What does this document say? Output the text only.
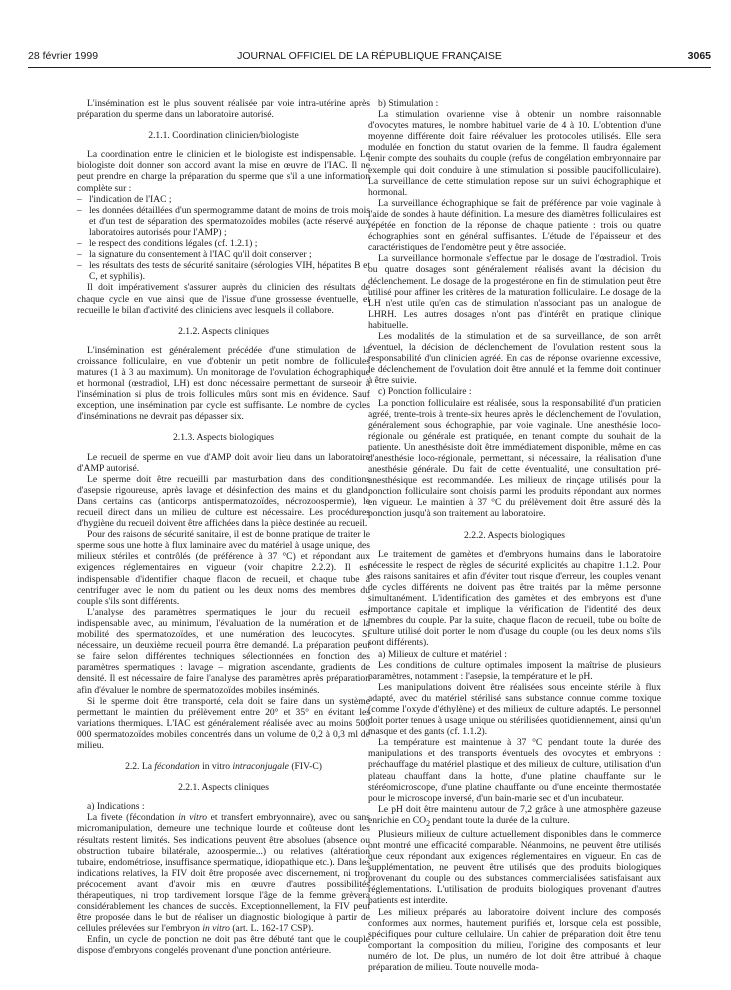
28 février 1999	JOURNAL OFFICIEL DE LA RÉPUBLIQUE FRANÇAISE	3065

L'insémination est le plus souvent réalisée par voie intra-utérine après préparation du sperme dans un laboratoire autorisé.

2.1.1. Coordination clinicien/biologiste

La coordination entre le clinicien et le biologiste est indispensable. Le biologiste doit donner son accord avant la mise en œuvre de l'IAC. Il ne peut prendre en charge la préparation du sperme que s'il a une information complète sur :

– l'indication de l'IAC ;
– les données détaillées d'un spermogramme datant de moins de trois mois et d'un test de séparation des spermatozoïdes mobiles (acte réservé aux laboratoires autorisés pour l'AMP) ;
– le respect des conditions légales (cf. 1.2.1) ;
– la signature du consentement à l'IAC qu'il doit conserver ;
– les résultats des tests de sécurité sanitaire (sérologies VIH, hépatites B et C, et syphilis).

Il doit impérativement s'assurer auprès du clinicien des résultats de chaque cycle en vue ainsi que de l'issue d'une grossesse éventuelle, et recueille le bilan d'activité des cliniciens avec lesquels il collabore.

2.1.2. Aspects cliniques

L'insémination est généralement précédée d'une stimulation de la croissance folliculaire, en vue d'obtenir un petit nombre de follicules matures (1 à 3 au maximum). Un monitorage de l'ovulation échographique et hormonal (œstradiol, LH) est donc nécessaire permettant de surseoir à l'insémination si plus de trois follicules mûrs sont mis en évidence. Sauf exception, une insémination par cycle est suffisante. Le nombre de cycles d'inséminations ne devrait pas dépasser six.

2.1.3. Aspects biologiques

Le recueil de sperme en vue d'AMP doit avoir lieu dans un laboratoire d'AMP autorisé.

Le sperme doit être recueilli par masturbation dans des conditions d'asepsie rigoureuse, après lavage et désinfection des mains et du gland. Dans certains cas (anticorps antispermatozoïdes, nécrozoospermie), le recueil direct dans un milieu de culture est nécessaire. Les procédures d'hygiène du recueil doivent être affichées dans la pièce destinée au recueil.

Pour des raisons de sécurité sanitaire, il est de bonne pratique de traiter le sperme sous une hotte à flux laminaire avec du matériel à usage unique, des milieux stériles et contrôlés (de préférence à 37 °C) et répondant aux exigences réglementaires en vigueur (voir chapitre 2.2.2). Il est indispensable d'identifier chaque flacon de recueil, et chaque tube à centrifuger avec le nom du patient ou les deux noms des membres du couple s'ils sont différents.

L'analyse des paramètres spermatiques le jour du recueil est indispensable avec, au minimum, l'évaluation de la numération et de la mobilité des spermatozoïdes, et une numération des leucocytes. Si nécessaire, un deuxième recueil pourra être demandé. La préparation peut se faire selon différentes techniques sélectionnées en fonction des paramètres spermatiques : lavage – migration ascendante, gradients de densité. Il est nécessaire de faire l'analyse des paramètres après préparation afin d'évaluer le nombre de spermatozoïdes mobiles inséminés.

Si le sperme doit être transporté, cela doit se faire dans un système permettant le maintien du prélèvement entre 20° et 35° en évitant les variations thermiques. L'IAC est généralement réalisée avec au moins 500 000 spermatozoïdes mobiles concentrés dans un volume de 0,2 à 0,3 ml de milieu.

2.2. La fécondation in vitro intraconjugale (FIV-C)

2.2.1. Aspects cliniques

a) Indications :

La fivete (fécondation in vitro et transfert embryonnaire), avec ou sans micromanipulation, demeure une technique lourde et coûteuse dont les résultats restent limités. Ses indications peuvent être absolues (absence ou obstruction tubaire bilatérale, azoospermie...) ou relatives (altération tubaire, endométriose, insuffisance spermatique, idiopathique etc.). Dans les indications relatives, la FIV doit être proposée avec discernement, ni trop précocement avant d'avoir mis en œuvre d'autres possibilités thérapeutiques, ni trop tardivement lorsque l'âge de la femme grèvera considérablement les chances de succès. Exceptionnellement, la FIV peut être proposée dans le but de réaliser un diagnostic biologique à partir de cellules prélevées sur l'embryon in vitro (art. L. 162-17 CSP).

Enfin, un cycle de ponction ne doit pas être débuté tant que le couple dispose d'embryons congelés provenant d'une ponction antérieure.

b) Stimulation :

La stimulation ovarienne vise à obtenir un nombre raisonnable d'ovocytes matures, le nombre habituel varie de 4 à 10. L'obtention d'une moyenne différente doit faire réévaluer les protocoles utilisés. Elle sera modulée en fonction du statut ovarien de la femme. Il faudra également tenir compte des souhaits du couple (refus de congélation embryonnaire par exemple qui doit conduire à une stimulation si possible paucifolliculaire). La surveillance de cette stimulation repose sur un suivi échographique et hormonal.

La surveillance échographique se fait de préférence par voie vaginale à l'aide de sondes à haute définition. La mesure des diamètres folliculaires est répétée en fonction de la réponse de chaque patiente : trois ou quatre échographies sont en général suffisantes. L'étude de l'épaisseur et des caractéristiques de l'endomètre peut y être associée.

La surveillance hormonale s'effectue par le dosage de l'œstradiol. Trois ou quatre dosages sont généralement réalisés avant la décision du déclenchement. Le dosage de la progestérone en fin de stimulation peut être utilisé pour affiner les critères de la maturation folliculaire. Le dosage de la LH n'est utile qu'en cas de stimulation n'associant pas un analogue de LHRH. Les autres dosages n'ont pas d'intérêt en pratique clinique habituelle.

Les modalités de la stimulation et de sa surveillance, de son arrêt éventuel, la décision de déclenchement de l'ovulation restent sous la responsabilité d'un clinicien agréé. En cas de réponse ovarienne excessive, le déclenchement de l'ovulation doit être annulé et la femme doit continuer à être suivie.

c) Ponction folliculaire :

La ponction folliculaire est réalisée, sous la responsabilité d'un praticien agréé, trente-trois à trente-six heures après le déclenchement de l'ovulation, généralement sous échographie, par voie vaginale. Une anesthésie loco-régionale ou générale est pratiquée, en tenant compte du souhait de la patiente. Un anesthésiste doit être immédiatement disponible, même en cas d'anesthésie loco-régionale, permettant, si nécessaire, la réalisation d'une anesthésie générale. Du fait de cette éventualité, une consultation pré-anesthésique est recommandée. Les milieux de rinçage utilisés pour la ponction folliculaire sont choisis parmi les produits répondant aux normes en vigueur. Le maintien à 37 °C du prélèvement doit être assuré dès la ponction jusqu'à son traitement au laboratoire.

2.2.2. Aspects biologiques

Le traitement de gamètes et d'embryons humains dans le laboratoire nécessite le respect de règles de sécurité explicités au chapitre 1.1.2. Pour des raisons sanitaires et afin d'éviter tout risque d'erreur, les couples venant de cycles différents ne doivent pas être traités par la même personne simultanément. L'identification des gamètes et des embryons est d'une importance capitale et implique la vérification de l'identité des deux membres du couple. Par la suite, chaque flacon de recueil, tube ou boîte de culture utilisé doit porter le nom d'usage du couple (ou les deux noms s'ils sont différents).

a) Milieux de culture et matériel :

Les conditions de culture optimales imposent la maîtrise de plusieurs paramètres, notamment : l'asepsie, la température et le pH.

Les manipulations doivent être réalisées sous enceinte stérile à flux adapté, avec du matériel stérilisé sans substance connue comme toxique (comme l'oxyde d'éthylène) et des milieux de culture adaptés. Le personnel doit porter tenues à usage unique ou stérilisées quotidiennement, ainsi qu'un masque et des gants (cf. 1.1.2).

La température est maintenue à 37 °C pendant toute la durée des manipulations et des transports éventuels des ovocytes et embryons : préchauffage du matériel plastique et des milieux de culture, utilisation d'un plateau chauffant dans la hotte, d'une platine chauffante sur le stéréomicroscope, d'une platine chauffante ou d'une enceinte thermostatée pour le microscope inversé, d'un bain-marie sec et d'un incubateur.

Le pH doit être maintenu autour de 7,2 grâce à une atmosphère gazeuse enrichie en $CO_2$ pendant toute la durée de la culture.

Plusieurs milieux de culture actuellement disponibles dans le commerce ont montré une efficacité comparable. Néanmoins, ne peuvent être utilisés que ceux répondant aux exigences réglementaires en vigueur. En cas de supplémentation, ne peuvent être utilisés que des produits biologiques provenant du couple ou des substances commercialisées satisfaisant aux réglementations. L'utilisation de produits biologiques provenant d'autres patients est interdite.

Les milieux préparés au laboratoire doivent inclure des composés conformes aux normes, hautement purifiés et, lorsque cela est possible, spécifiques pour culture cellulaire. Un cahier de préparation doit être tenu comportant la composition du milieu, l'origine des composants et leur numéro de lot. De plus, un numéro de lot doit être attribué à chaque préparation de milieu. Toute nouvelle moda-
